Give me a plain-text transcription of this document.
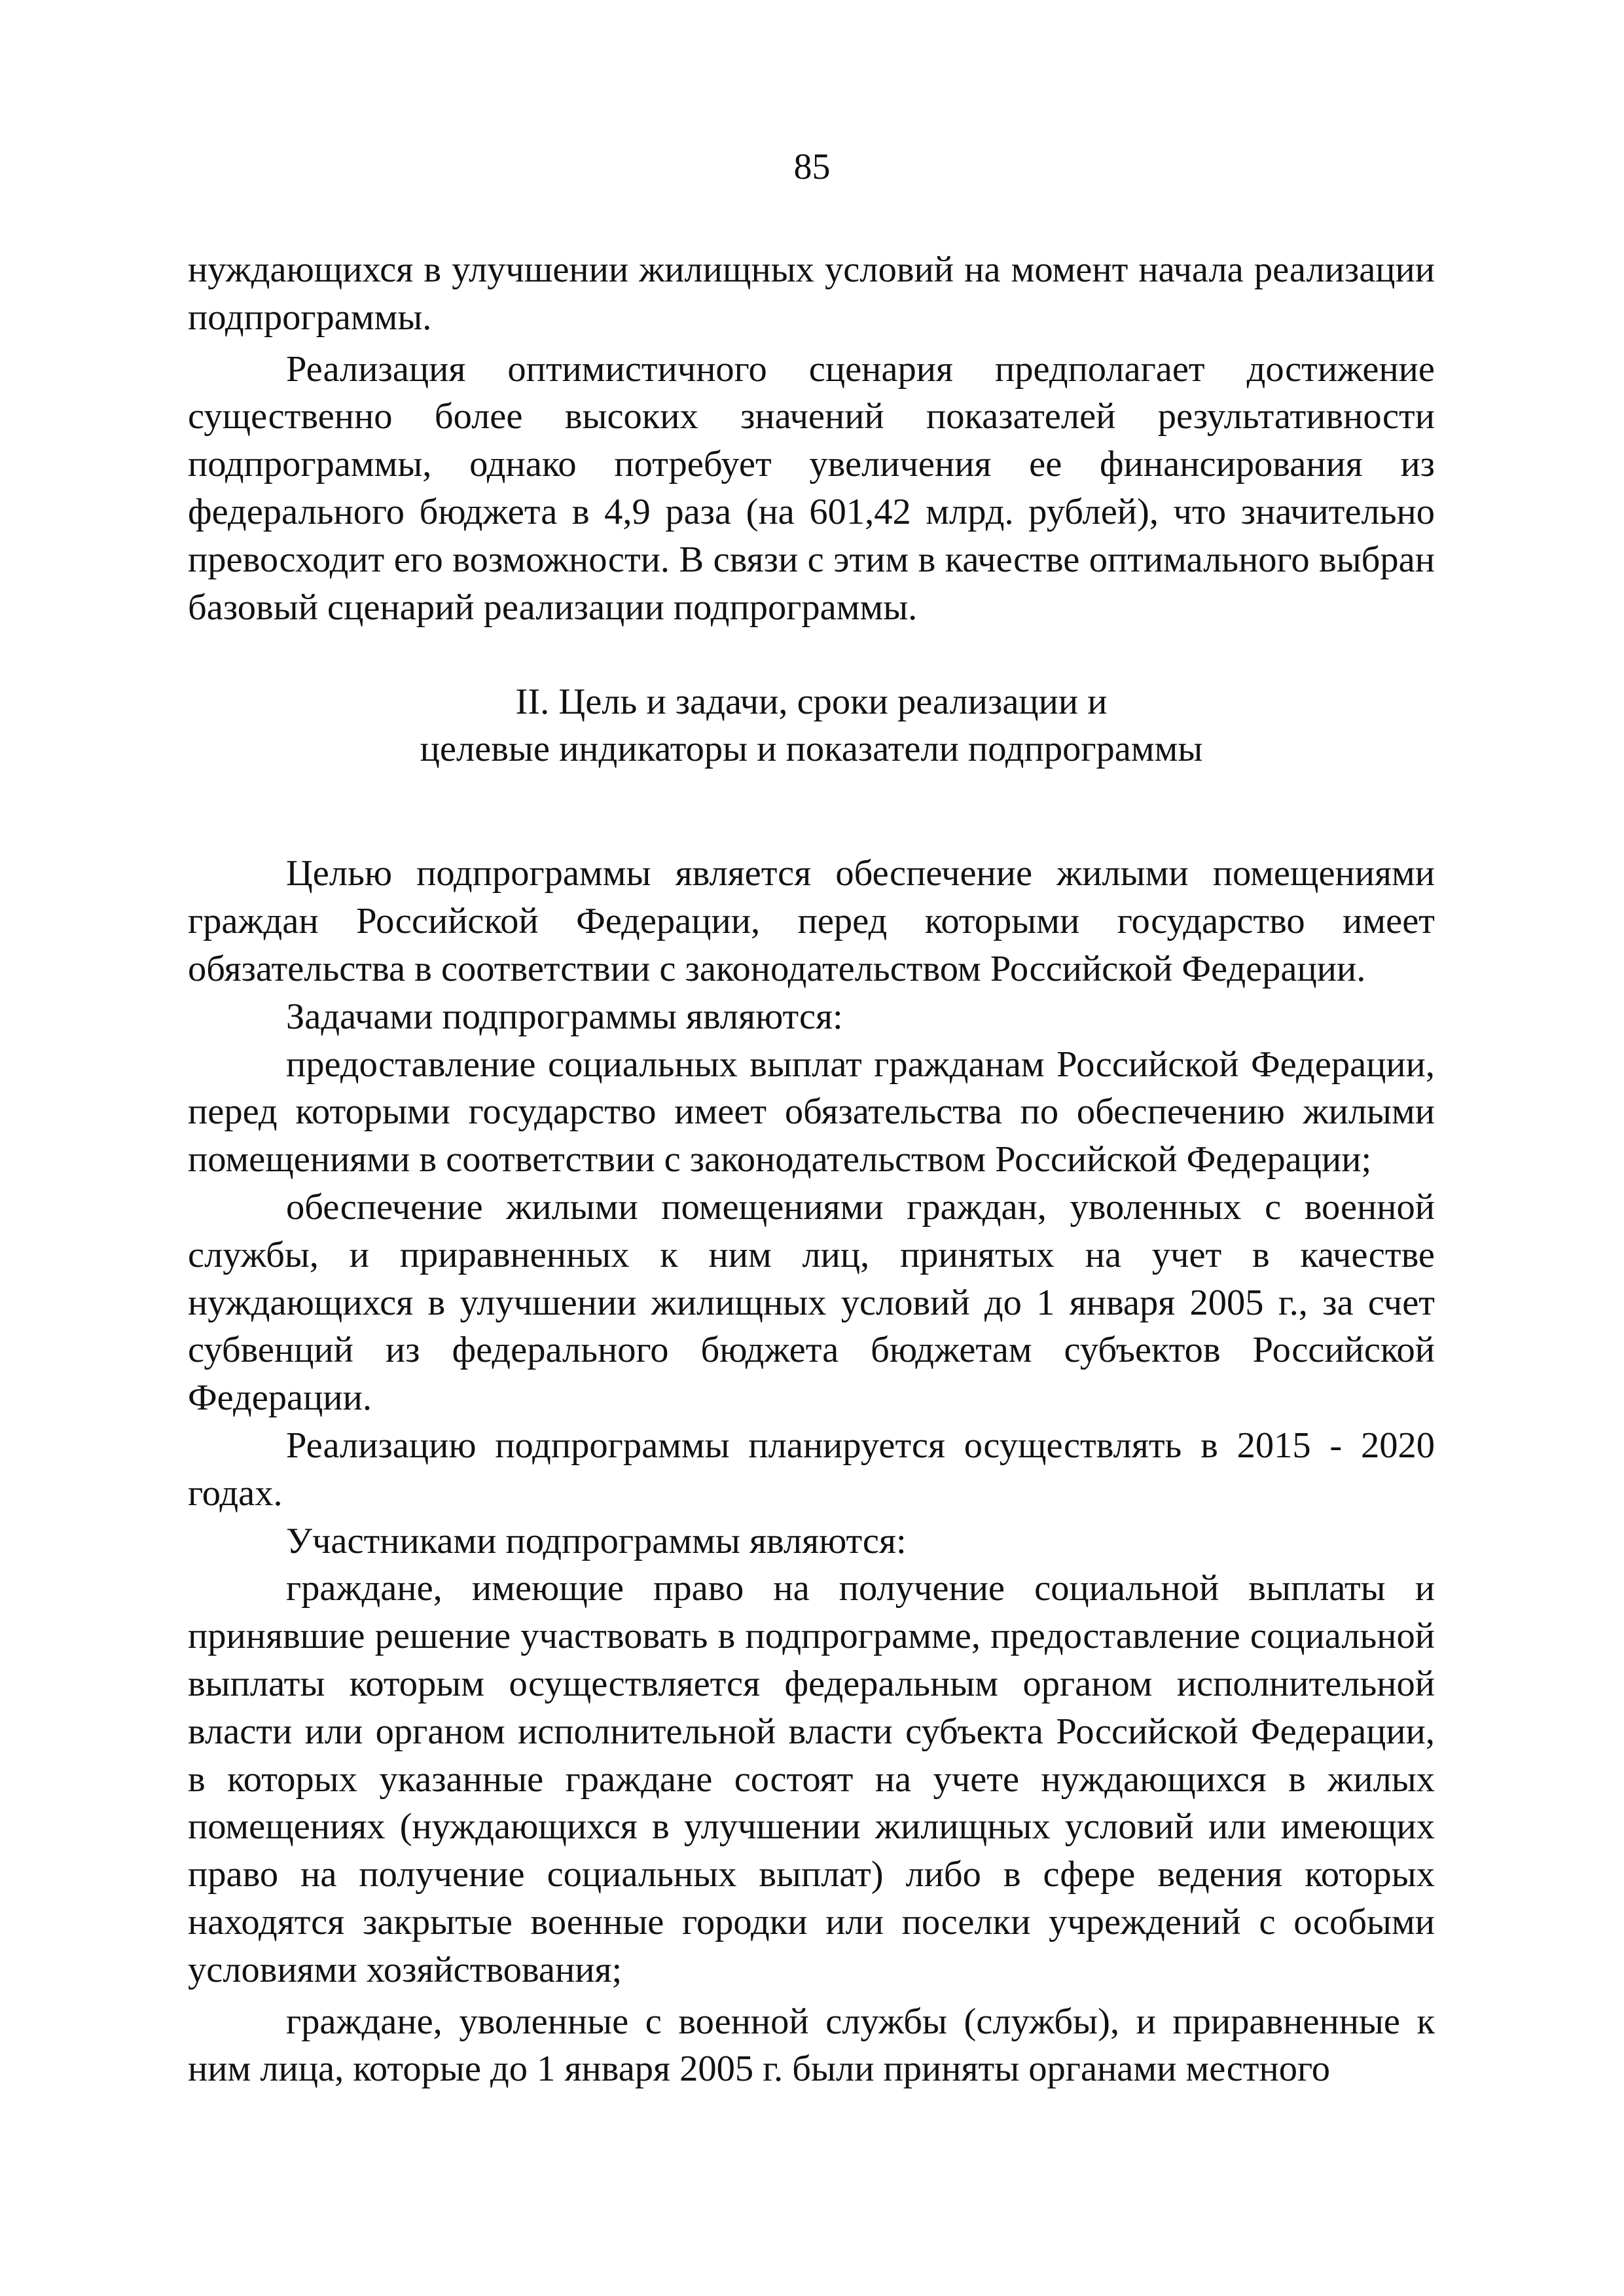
85

нуждающихся в улучшении жилищных условий на момент начала реализации подпрограммы.

Реализация оптимистичного сценария предполагает достижение существенно более высоких значений показателей результативности подпрограммы, однако потребует увеличения ее финансирования из федерального бюджета в 4,9 раза (на 601,42 млрд. рублей), что значительно превосходит его возможности. В связи с этим в качестве оптимального выбран базовый сценарий реализации подпрограммы.

II. Цель и задачи, сроки реализации и
целевые индикаторы и показатели подпрограммы

Целью подпрограммы является обеспечение жилыми помещениями граждан Российской Федерации, перед которыми государство имеет обязательства в соответствии с законодательством Российской Федерации.

Задачами подпрограммы являются:

предоставление социальных выплат гражданам Российской Федерации, перед которыми государство имеет обязательства по обеспечению жилыми помещениями в соответствии с законодательством Российской Федерации;

обеспечение жилыми помещениями граждан, уволенных с военной службы, и приравненных к ним лиц, принятых на учет в качестве нуждающихся в улучшении жилищных условий до 1 января 2005 г., за счет субвенций из федерального бюджета бюджетам субъектов Российской Федерации.

Реализацию подпрограммы планируется осуществлять в 2015 - 2020 годах.

Участниками подпрограммы являются:

граждане, имеющие право на получение социальной выплаты и принявшие решение участвовать в подпрограмме, предоставление социальной выплаты которым осуществляется федеральным органом исполнительной власти или органом исполнительной власти субъекта Российской Федерации, в которых указанные граждане состоят на учете нуждающихся в жилых помещениях (нуждающихся в улучшении жилищных условий или имеющих право на получение социальных выплат) либо в сфере ведения которых находятся закрытые военные городки или поселки учреждений с особыми условиями хозяйствования;

граждане, уволенные с военной службы (службы), и приравненные к ним лица, которые до 1 января 2005 г. были приняты органами местного
